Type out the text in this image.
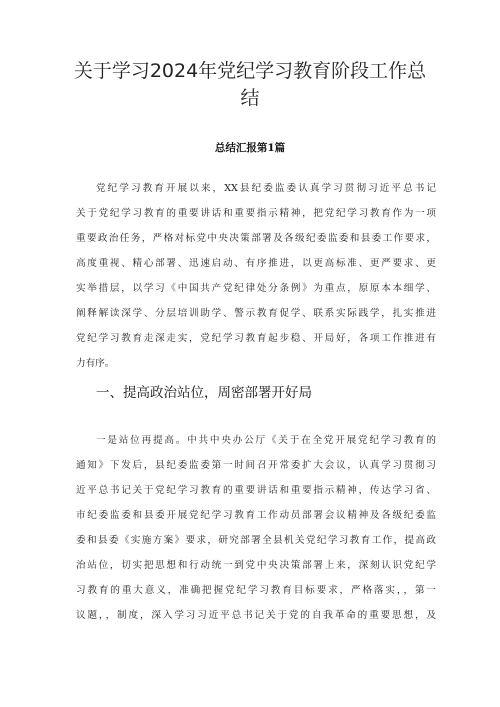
关于学习2024年党纪学习教育阶段工作总
结
总结汇报第1篇
党纪学习教育开展以来，XX县纪委监委认真学习贯彻习近平总书记
关于党纪学习教育的重要讲话和重要指示精神，把党纪学习教育作为一项
重要政治任务，严格对标党中央决策部署及各级纪委监委和县委工作要求，
高度重视、精心部署、迅速启动、有序推进，以更高标准、更严要求、更
实举措层，以学习《中国共产党纪律处分条例》为重点，原原本本细学、
阐释解读深学、分层培训助学、警示教育促学、联系实际践学，扎实推进
党纪学习教育走深走实，党纪学习教育起步稳、开局好，各项工作推进有
力有序。
一、提高政治站位，周密部署开好局
一是站位再提高。中共中央办公厅《关于在全党开展党纪学习教育的
通知》下发后，县纪委监委第一时间召开常委扩大会议，认真学习贯彻习
近平总书记关于党纪学习教育的重要讲话和重要指示精神，传达学习省、
市纪委监委和县委开展党纪学习教育工作动员部署会议精神及各级纪委监
委和县委《实施方案》要求，研究部署全县机关党纪学习教育工作，提高政
治站位，切实把思想和行动统一到党中央决策部署上来，深刻认识党纪学
习教育的重大意义，准确把握党纪学习教育目标要求，严格落实，，第一
议题，，制度，深入学习习近平总书记关于党的自我革命的重要思想，及
